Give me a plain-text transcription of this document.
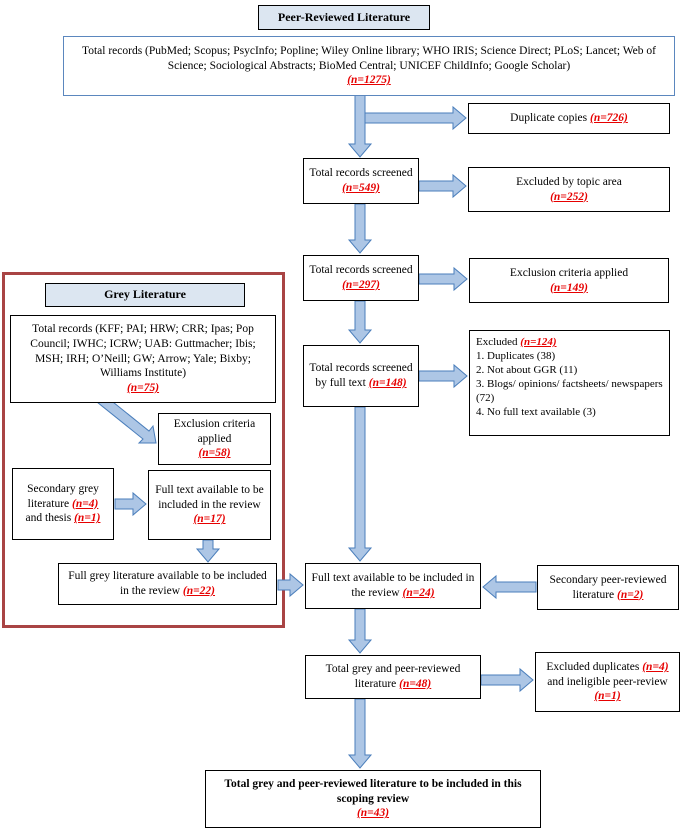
Peer-Reviewed Literature
Total records (PubMed; Scopus; PsycInfo; Popline; Wiley Online library; WHO IRIS; Science Direct; PLoS; Lancet; Web of Science; Sociological Abstracts; BioMed Central; UNICEF ChildInfo; Google Scholar)
(n=1275)
Duplicate copies (n=726)
Total records screened (n=549)
Excluded by topic area
(n=252)
Total records screened (n=297)
Exclusion criteria applied
(n=149)
Total records screened by full text (n=148)
Excluded (n=124)
1. Duplicates (38)
2. Not about GGR (11)
3. Blogs/ opinions/ factsheets/ newspapers (72)
4. No full text available (3)
Grey Literature
Total records (KFF; PAI; HRW; CRR; Ipas; Pop Council; IWHC; ICRW; UAB: Guttmacher; Ibis; MSH; IRH; O’Neill; GW; Arrow; Yale; Bixby; Williams Institute)
(n=75)
Exclusion criteria applied
(n=58)
Secondary grey literature (n=4) and thesis (n=1)
Full text available to be included in the review (n=17)
Full grey literature available to be included in the review (n=22)
Full text available to be included in the review (n=24)
Secondary peer-reviewed literature (n=2)
Total grey and peer-reviewed literature (n=48)
Excluded duplicates (n=4) and ineligible peer-review (n=1)
Total grey and peer-reviewed literature to be included in this scoping review
(n=43)
